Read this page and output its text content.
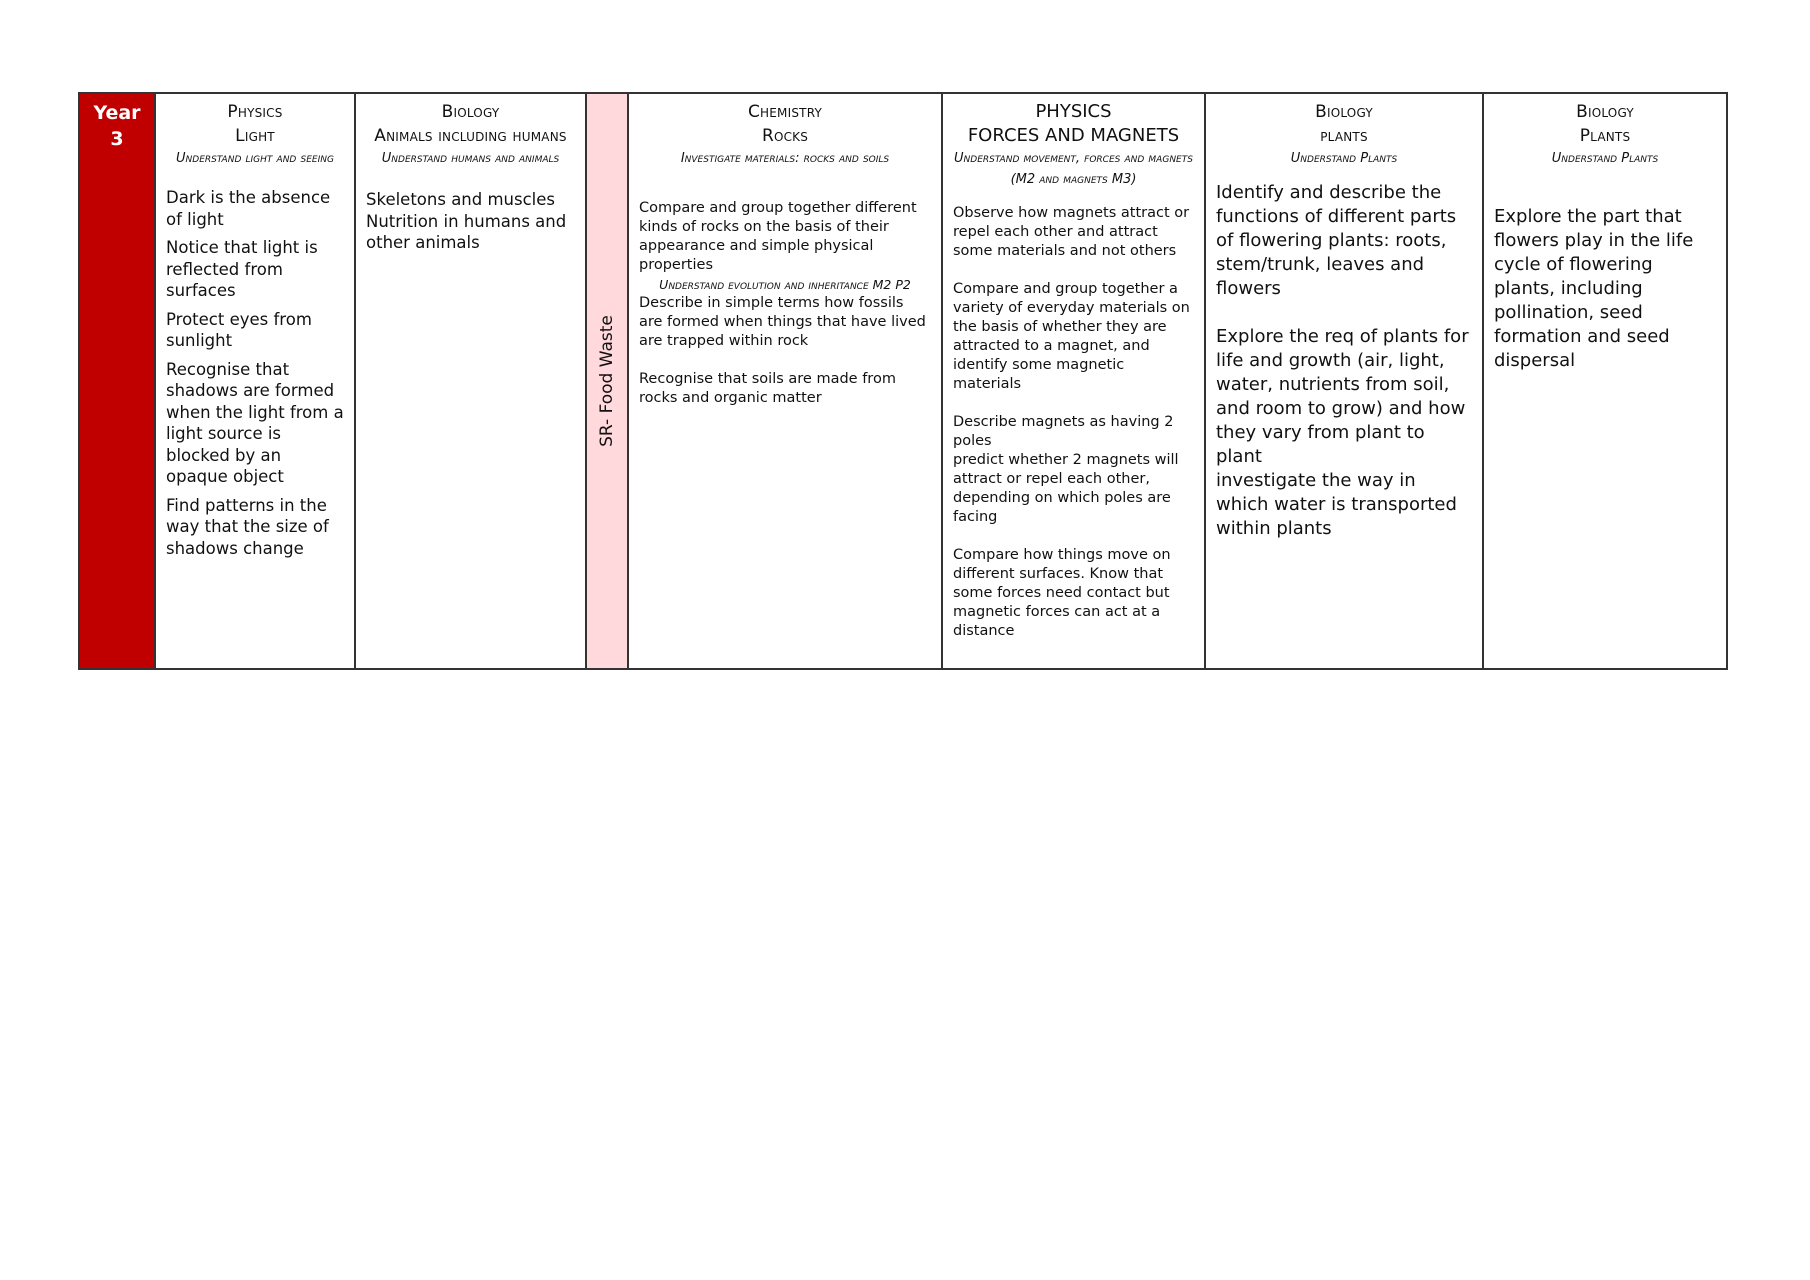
Year
3

Physics
Light
Understand light and seeing
Dark is the absence of light
Notice that light is reflected from surfaces
Protect eyes from sunlight
Recognise that shadows are formed when the light from a light source is blocked by an opaque object
Find patterns in the way that the size of shadows change

Biology
Animals including humans
Understand humans and animals
Skeletons and muscles
Nutrition in humans and other animals

SR- Food Waste

Chemistry
Rocks
Investigate materials: rocks and soils
Compare and group together different kinds of rocks on the basis of their appearance and simple physical properties
Understand evolution and inheritance M2 P2
Describe in simple terms how fossils are formed when things that have lived are trapped within rock
Recognise that soils are made from rocks and organic matter

PHYSICS
FORCES AND MAGNETS
Understand movement, forces and magnets (M2 and magnets M3)
Observe how magnets attract or repel each other and attract some materials and not others
Compare and group together a variety of everyday materials on the basis of whether they are attracted to a magnet, and identify some magnetic materials
Describe magnets as having 2 poles
predict whether 2 magnets will attract or repel each other, depending on which poles are facing
Compare how things move on different surfaces. Know that some forces need contact but magnetic forces can act at a distance

Biology
plants
Understand Plants
Identify and describe the functions of different parts of flowering plants: roots, stem/trunk, leaves and flowers
Explore the req of plants for life and growth (air, light, water, nutrients from soil, and room to grow) and how they vary from plant to plant
investigate the way in which water is transported within plants

Biology
Plants
Understand Plants
Explore the part that flowers play in the life cycle of flowering plants, including pollination, seed formation and seed dispersal
